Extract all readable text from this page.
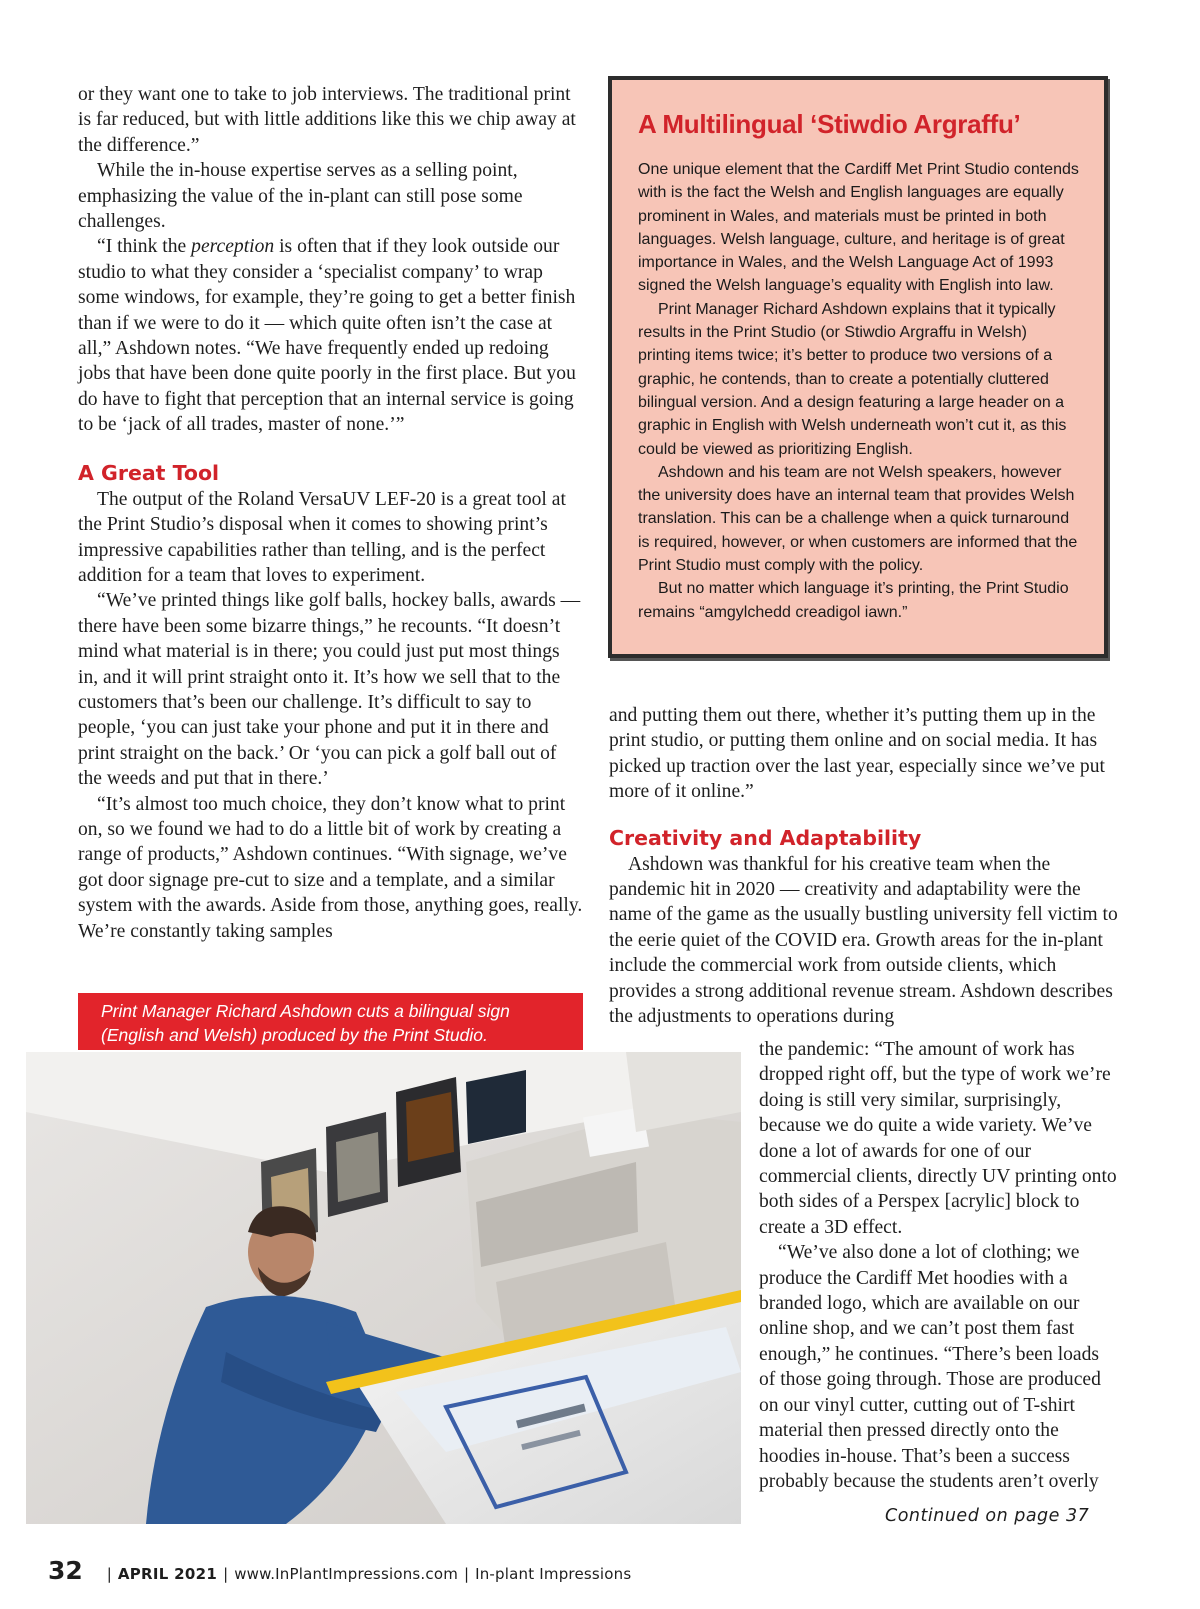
or they want one to take to job interviews. The traditional print is far reduced, but with little additions like this we chip away at the difference.”

While the in-house expertise serves as a selling point, emphasizing the value of the in-plant can still pose some challenges.

“I think the perception is often that if they look outside our studio to what they consider a ‘specialist company’ to wrap some windows, for example, they’re going to get a better finish than if we were to do it — which quite often isn’t the case at all,” Ashdown notes. “We have frequently ended up redoing jobs that have been done quite poorly in the first place. But you do have to fight that perception that an internal service is going to be ‘jack of all trades, master of none.’”

A Great Tool

The output of the Roland VersaUV LEF-20 is a great tool at the Print Studio’s disposal when it comes to showing print’s impressive capabilities rather than telling, and is the perfect addition for a team that loves to experiment.

“We’ve printed things like golf balls, hockey balls, awards — there have been some bizarre things,” he recounts. “It doesn’t mind what material is in there; you could just put most things in, and it will print straight onto it. It’s how we sell that to the customers that’s been our challenge. It’s difficult to say to people, ‘you can just take your phone and put it in there and print straight on the back.’ Or ‘you can pick a golf ball out of the weeds and put that in there.’

“It’s almost too much choice, they don’t know what to print on, so we found we had to do a little bit of work by creating a range of products,” Ashdown continues. “With signage, we’ve got door signage pre-cut to size and a template, and a similar system with the awards. Aside from those, anything goes, really. We’re constantly taking samples

A Multilingual ‘Stiwdio Argraffu’

One unique element that the Cardiff Met Print Studio contends with is the fact the Welsh and English languages are equally prominent in Wales, and materials must be printed in both languages. Welsh language, culture, and heritage is of great importance in Wales, and the Welsh Language Act of 1993 signed the Welsh language’s equality with English into law.

Print Manager Richard Ashdown explains that it typically results in the Print Studio (or Stiwdio Argraffu in Welsh) printing items twice; it’s better to produce two versions of a graphic, he contends, than to create a potentially cluttered bilingual version. And a design featuring a large header on a graphic in English with Welsh underneath won’t cut it, as this could be viewed as prioritizing English.

Ashdown and his team are not Welsh speakers, however the university does have an internal team that provides Welsh translation. This can be a challenge when a quick turnaround is required, however, or when customers are informed that the Print Studio must comply with the policy.

But no matter which language it’s printing, the Print Studio remains “amgylchedd creadigol iawn.”

and putting them out there, whether it’s putting them up in the print studio, or putting them online and on social media. It has picked up traction over the last year, especially since we’ve put more of it online.”

Creativity and Adaptability

Ashdown was thankful for his creative team when the pandemic hit in 2020 — creativity and adaptability were the name of the game as the usually bustling university fell victim to the eerie quiet of the COVID era. Growth areas for the in-plant include the commercial work from outside clients, which provides a strong additional revenue stream. Ashdown describes the adjustments to operations during

the pandemic: “The amount of work has dropped right off, but the type of work we’re doing is still very similar, surprisingly, because we do quite a wide variety. We’ve done a lot of awards for one of our commercial clients, directly UV printing onto both sides of a Perspex [acrylic] block to create a 3D effect.

“We’ve also done a lot of clothing; we produce the Cardiff Met hoodies with a branded logo, which are available on our online shop, and we can’t post them fast enough,” he continues. “There’s been loads of those going through. Those are produced on our vinyl cutter, cutting out of T-shirt material then pressed directly onto the hoodies in-house. That’s been a success probably because the students aren’t overly

Print Manager Richard Ashdown cuts a bilingual sign (English and Welsh) produced by the Print Studio.
Continued on page 37
32 | APRIL 2021 | www.InPlantImpressions.com | In-plant Impressions
